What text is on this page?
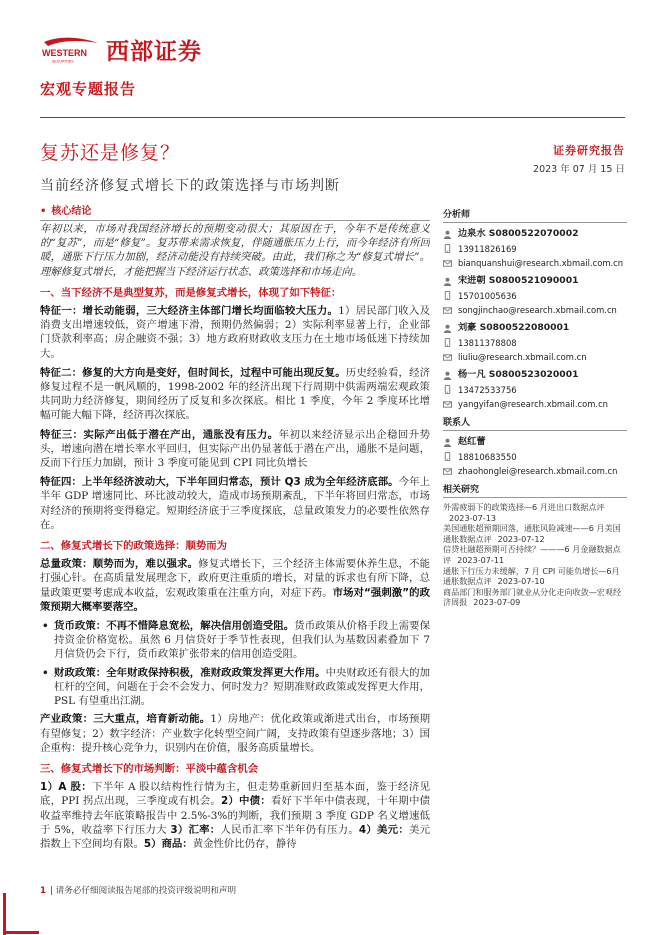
WESTERN
SECURITIES 西部证券
宏观专题报告
复苏还是修复？	证券研究报告
2023 年 07 月 15 日
当前经济修复式增长下的政策选择与市场判断
• 核心结论

年初以来，市场对我国经济增长的预期变动很大；其原因在于，今年不是传统意义的“复苏”，而是“修复”。复苏带来需求恢复，伴随通胀压力上行，而今年经济有所回暖，通胀下行压力加剧，经济动能没有持续突破。由此，我们称之为“修复式增长”。理解修复式增长，才能把握当下经济运行状态、政策选择和市场走向。

一、当下经济不是典型复苏，而是修复式增长，体现了如下特征：

特征一：增长动能弱，三大经济主体部门增长均面临较大压力。1）居民部门收入及消费支出增速较低，资产增速下滑，预期仍然偏弱；2）实际利率显著上行，企业部门贷款利率高；房企融资不强；3）地方政府财政收支压力在土地市场低迷下持续加大。

特征二：修复的大方向是变好，但时间长，过程中可能出现反复。历史经验看，经济修复过程不是一帆风顺的，1998-2002 年的经济出现下行周期中供需两端宏观政策共同助力经济修复，期间经历了反复和多次探底。相比 1 季度，今年 2 季度环比增幅可能大幅下降，经济再次探底。

特征三：实际产出低于潜在产出，通胀没有压力。年初以来经济显示出企稳回升势头，增速向潜在增长率水平回归，但实际产出仍显著低于潜在产出，通胀不是问题，反而下行压力加剧，预计 3 季度可能见到 CPI 同比负增长

特征四：上半年经济波动大，下半年回归常态，预计 Q3 成为全年经济底部。今年上半年 GDP 增速同比、环比波动较大，造成市场预期紊乱，下半年将回归常态，市场对经济的预期将变得稳定。短期经济底于三季度探底，总量政策发力的必要性依然存在。

二、修复式增长下的政策选择：顺势而为

总量政策：顺势而为，难以强求。修复式增长下，三个经济主体需要休养生息，不能打强心针。在高质量发展理念下，政府更注重质的增长，对量的诉求也有所下降，总量政策更要考虑成本收益，宏观政策重在注重方向，对症下药。市场对“强刺激”的政策预期大概率要落空。

• 货币政策：不再不惜降息宽松，解决信用创造受阻。货币政策从价格手段上需要保持资金价格宽松。虽然 6 月信贷好于季节性表现，但我们认为基数因素叠加下 7 月信贷仍会下行，货币政策扩张带来的信用创造受阻。

• 财政政策：全年财政保持积极，准财政政策发挥更大作用。中央财政还有很大的加杠杆的空间，问题在于会不会发力、何时发力？短期准财政政策或发挥更大作用，PSL 有望重出江湖。

产业政策：三大重点，培育新动能。1）房地产：优化政策或渐进式出台，市场预期有望修复；2）数字经济：产业数字化转型空间广阔，支持政策有望逐步落地；3）国企重构：提升核心竞争力，识别内在价值，服务高质量增长。

三、修复式增长下的市场判断：平淡中蕴含机会

1）A 股：下半年 A 股以结构性行情为主，但走势重新回归至基本面，鉴于经济见底，PPI 拐点出现，三季度或有机会。2）中债：看好下半年中债表现，十年期中债收益率维持去年底策略报告中 2.5%-3%的判断，我们预期 3 季度 GDP 名义增速低于 5%，收益率下行压力大 3）汇率：人民币汇率下半年仍有压力。4）美元：美元指数上下空间均有限。5）商品：黄金性价比仍存，静待

分析师
边泉水 S0800522070002
13911826169
bianquanshui@research.xbmail.com.cn
宋进朝 S0800521090001
15701005636
songjinchao@research.xbmail.com.cn
刘豪 S0800522080001
13811378808
liuliu@research.xbmail.com.cn
杨一凡 S0800523020001
13472533756
yangyifan@research.xbmail.com.cn
联系人
赵红蕾
18810683550
zhaohonglei@research.xbmail.com.cn
相关研究
外需疲弱下的政策选择—6 月进出口数据点评2023-07-13
美国通胀超预期回落，通胀风险减速——6 月美国通胀数据点评 2023-07-12
信贷社融超预期可否持续？———6 月金融数据点评 2023-07-11
通胀下行压力未缓解，7 月 CPI 可能负增长—6月通胀数据点评 2023-07-10
商品部门和服务部门就业从分化走向收敛—宏观经济周报 2023-07-09
1 | 请务必仔细阅读报告尾部的投资评级说明和声明
